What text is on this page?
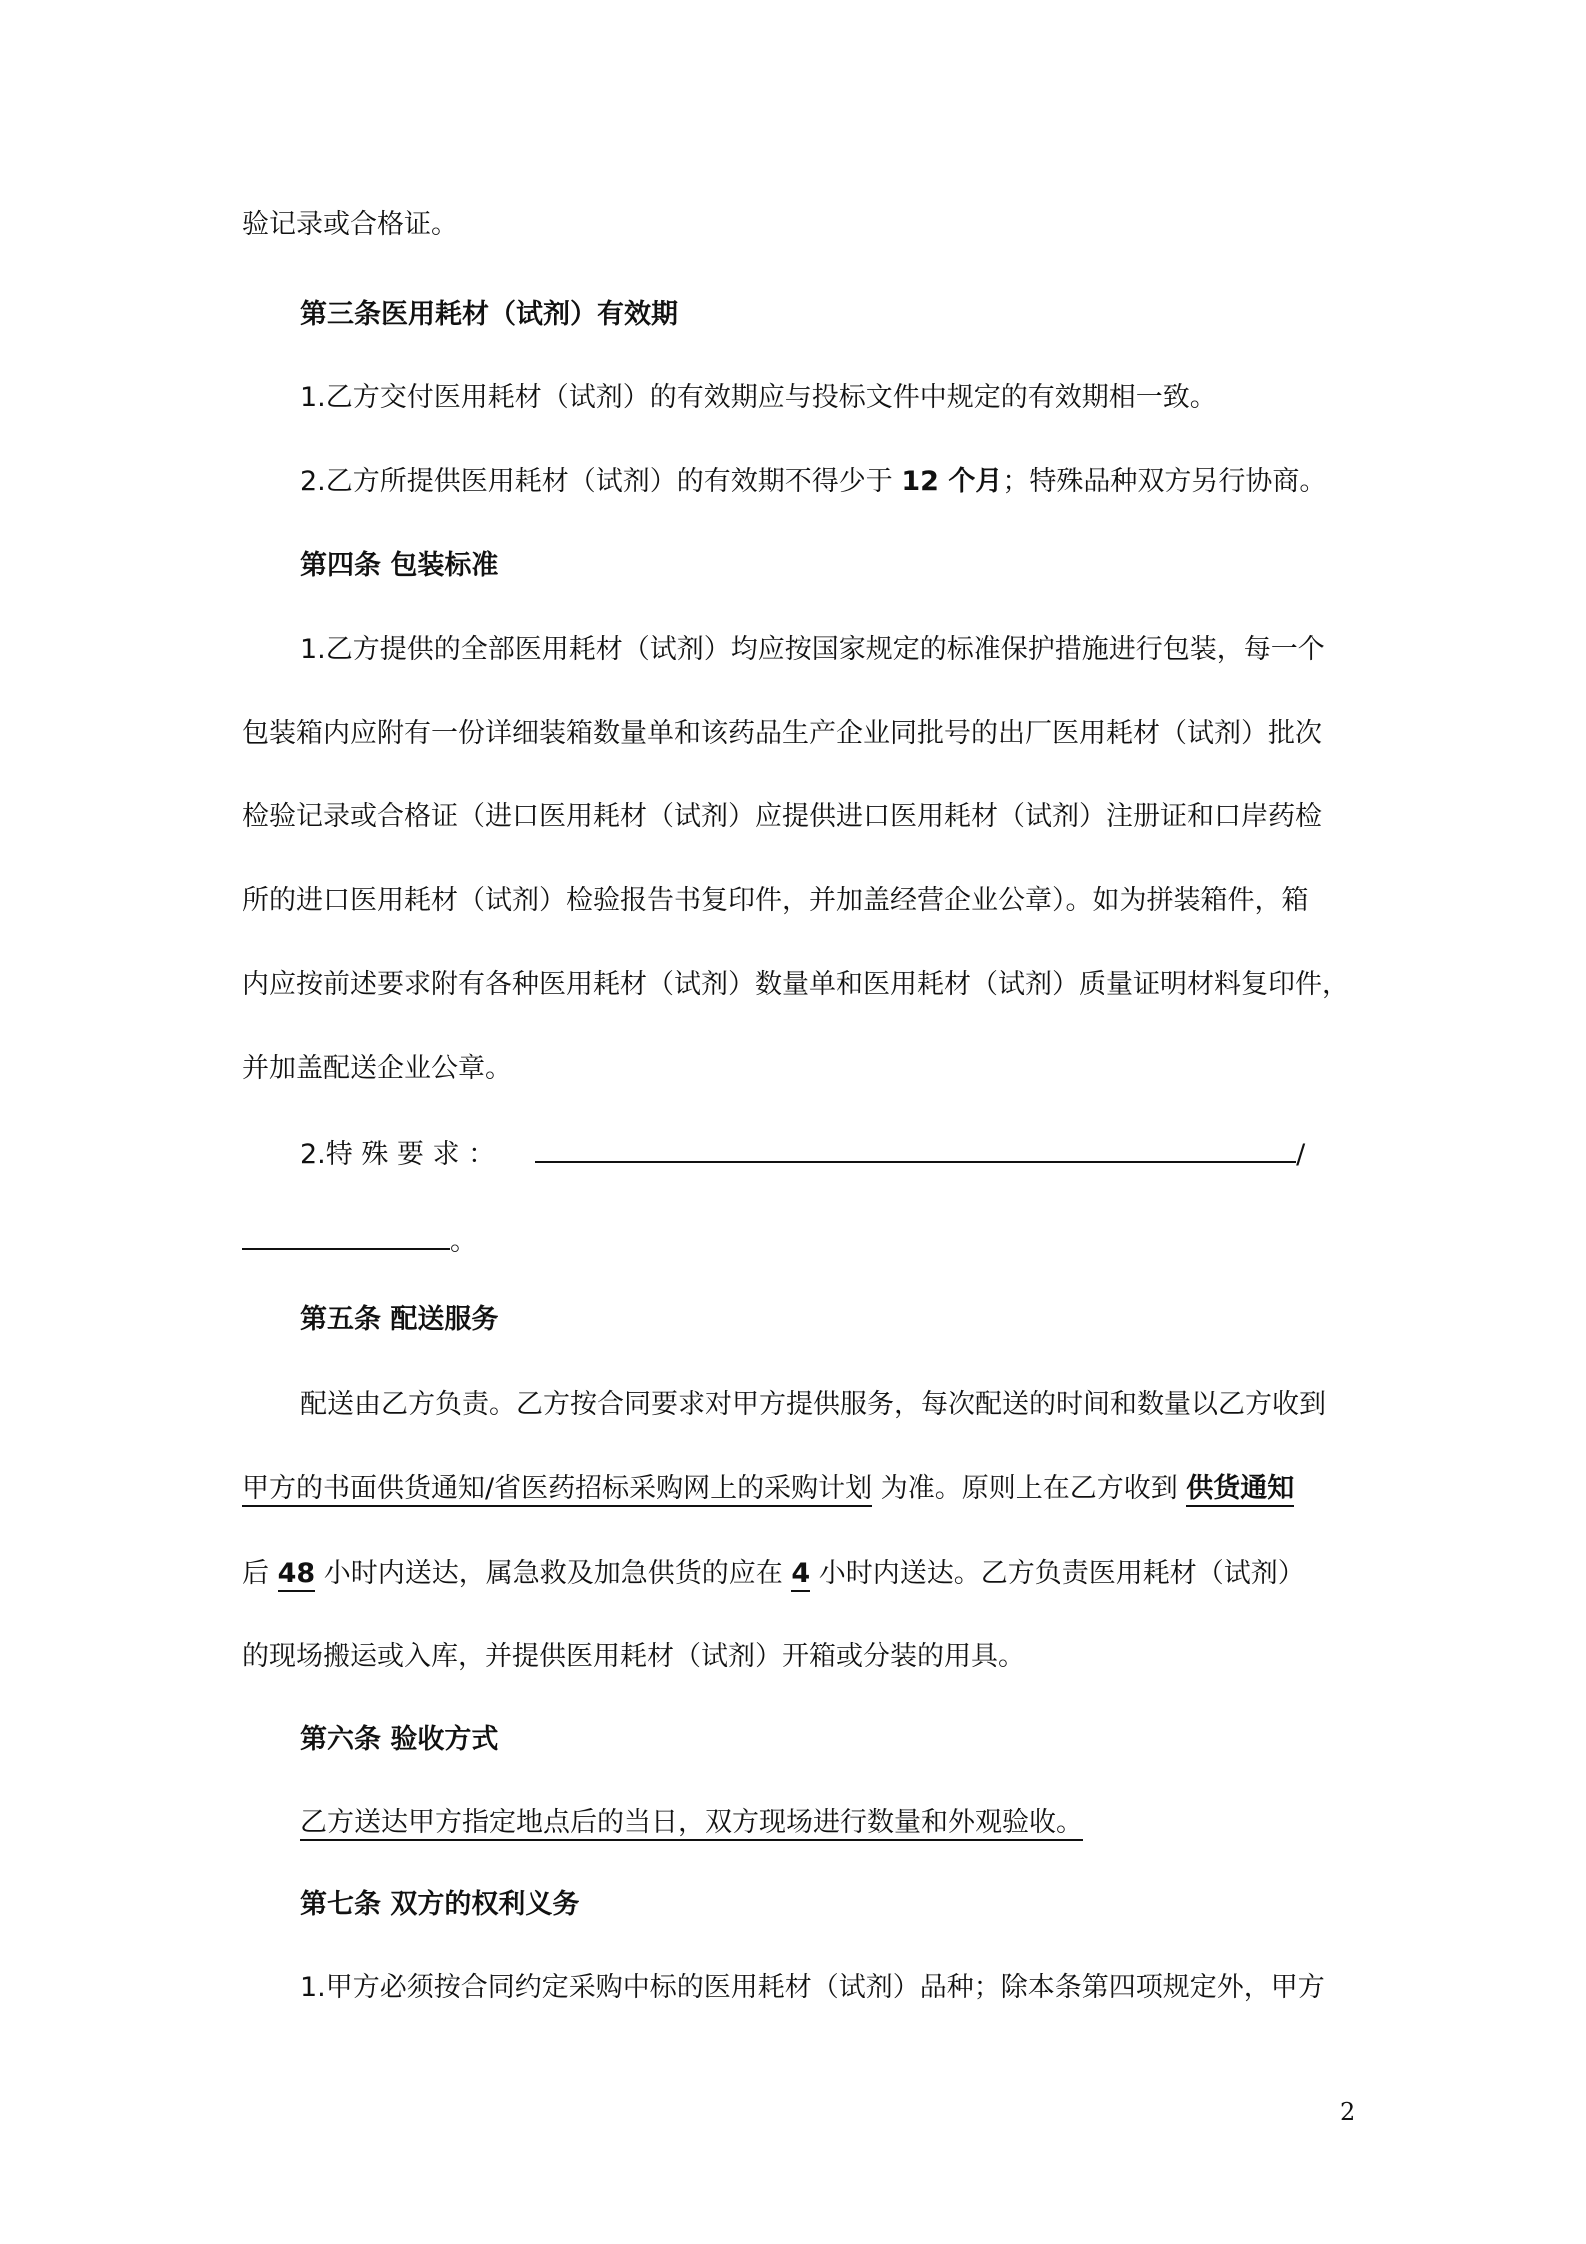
验记录或合格证。
第三条医用耗材（试剂）有效期
1.乙方交付医用耗材（试剂）的有效期应与投标文件中规定的有效期相一致。
2.乙方所提供医用耗材（试剂）的有效期不得少于 12 个月；特殊品种双方另行协商。
第四条 包装标准
1.乙方提供的全部医用耗材（试剂）均应按国家规定的标准保护措施进行包装，每一个
包装箱内应附有一份详细装箱数量单和该药品生产企业同批号的出厂医用耗材（试剂）批次
检验记录或合格证（进口医用耗材（试剂）应提供进口医用耗材（试剂）注册证和口岸药检
所的进口医用耗材（试剂）检验报告书复印件，并加盖经营企业公章）。如为拼装箱件，箱
内应按前述要求附有各种医用耗材（试剂）数量单和医用耗材（试剂）质量证明材料复印件，
并加盖配送企业公章。
2.特 殊 要 求 ：	/
。
第五条 配送服务
配送由乙方负责。乙方按合同要求对甲方提供服务，每次配送的时间和数量以乙方收到
甲方的书面供货通知/省医药招标采购网上的采购计划 为准。原则上在乙方收到 供货通知
后 48 小时内送达，属急救及加急供货的应在 4 小时内送达。乙方负责医用耗材（试剂）
的现场搬运或入库，并提供医用耗材（试剂）开箱或分装的用具。
第六条 验收方式
乙方送达甲方指定地点后的当日，双方现场进行数量和外观验收。
第七条 双方的权利义务
1.甲方必须按合同约定采购中标的医用耗材（试剂）品种；除本条第四项规定外，甲方
2
